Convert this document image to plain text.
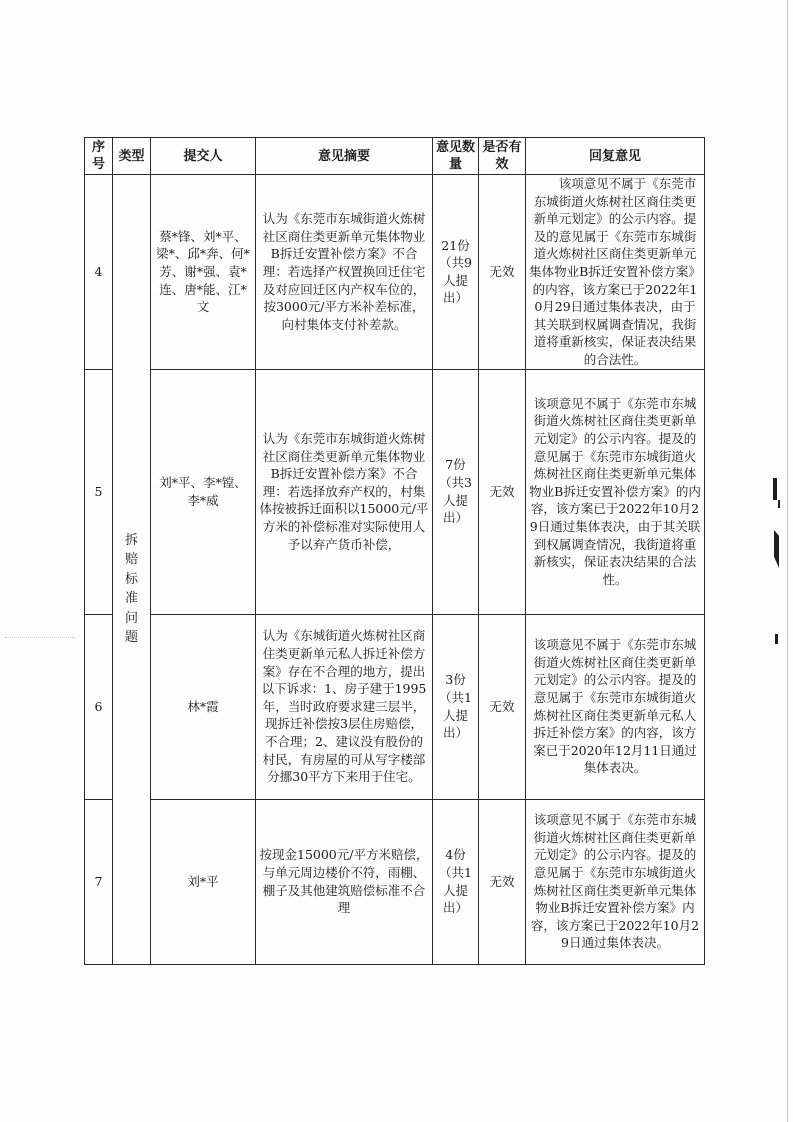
序号	类型	提交人	意见摘要	意见数量	是否有效	回复意见
4	拆赔标准问题	蔡*锋、刘*平、梁*、邱*奔、何*芳、谢*强、袁*连、唐*能、江*文	认为《东莞市东城街道火炼树社区商住类更新单元集体物业B拆迁安置补偿方案》不合理：若选择产权置换回迁住宅及对应回迁区内产权车位的，按3000元/平方米补差标准，向村集体支付补差款。	21份（共9人提出）	无效	该项意见不属于《东莞市东城街道火炼树社区商住类更新单元划定》的公示内容。提及的意见属于《东莞市东城街道火炼树社区商住类更新单元集体物业B拆迁安置补偿方案》的内容，该方案已于2022年10月29日通过集体表决，由于其关联到权属调查情况，我街道将重新核实，保证表决结果的合法性。

5		刘*平、李*镗、李*威	认为《东莞市东城街道火炼树社区商住类更新单元集体物业B拆迁安置补偿方案》不合理：若选择放弃产权的，村集体按被拆迁面积以15000元/平方米的补偿标准对实际使用人予以弃产货币补偿，	7份（共3人提出）	无效	该项意见不属于《东莞市东城街道火炼树社区商住类更新单元划定》的公示内容。提及的意见属于《东莞市东城街道火炼树社区商住类更新单元集体物业B拆迁安置补偿方案》的内容，该方案已于2022年10月29日通过集体表决，由于其关联到权属调查情况，我街道将重新核实，保证表决结果的合法性。
6		林*霞	认为《东城街道火炼树社区商住类更新单元私人拆迁补偿方案》存在不合理的地方，提出以下诉求：1、房子建于1995年，当时政府要求建三层半，现拆迁补偿按3层住房赔偿，不合理；2、建议没有股份的村民，有房屋的可从写字楼部分挪30平方下来用于住宅。	3份（共1人提出）	无效	该项意见不属于《东莞市东城街道火炼树社区商住类更新单元划定》的公示内容。提及的意见属于《东莞市东城街道火炼树社区商住类更新单元私人拆迁补偿方案》的内容，该方案已于2020年12月11日通过集体表决。
7		刘*平	按现金15000元/平方米赔偿，与单元周边楼价不符，雨棚、棚子及其他建筑赔偿标准不合理	4份（共1人提出）	无效	该项意见不属于《东莞市东城街道火炼树社区商住类更新单元划定》的公示内容。提及的意见属于《东莞市东城街道火炼树社区商住类更新单元集体物业B拆迁安置补偿方案》内容，该方案已于2022年10月29日通过集体表决。
